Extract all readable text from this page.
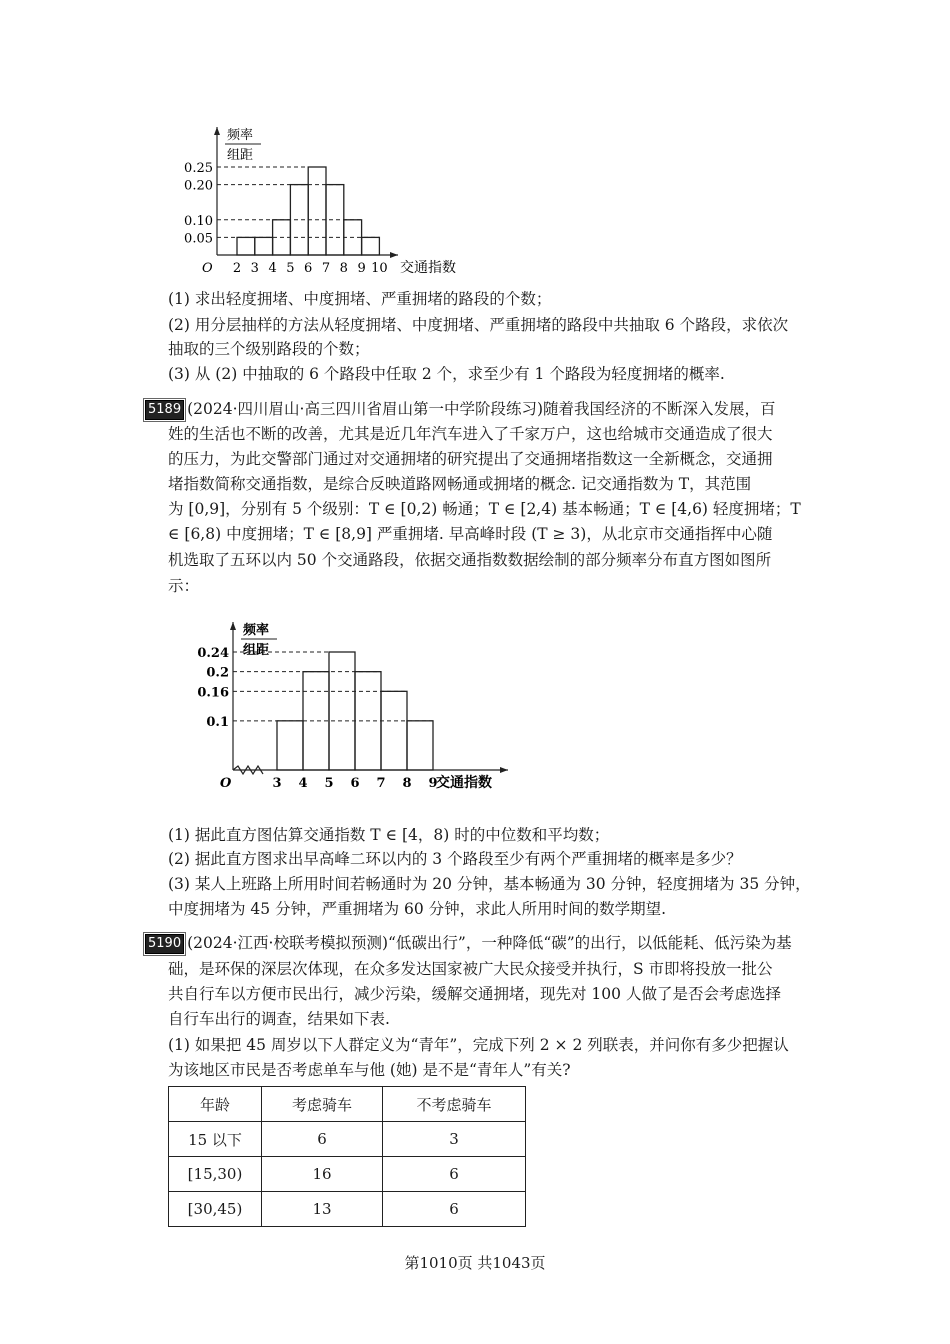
频率
组距
O
0.05
0.10
0.20
0.25
2 3 4 5 6 7 8 9 10 交通指数
(1) 求出轻度拥堵、中度拥堵、严重拥堵的路段的个数；
(2) 用分层抽样的方法从轻度拥堵、中度拥堵、严重拥堵的路段中共抽取 6 个路段，求依次
抽取的三个级别路段的个数；
(3) 从 (2) 中抽取的 6 个路段中任取 2 个，求至少有 1 个路段为轻度拥堵的概率.
5189 (2024·四川眉山·高三四川省眉山第一中学阶段练习)随着我国经济的不断深入发展，百
姓的生活也不断的改善，尤其是近几年汽车进入了千家万户，这也给城市交通造成了很大
的压力，为此交警部门通过对交通拥堵的研究提出了交通拥堵指数这一全新概念，交通拥
堵指数简称交通指数，是综合反映道路网畅通或拥堵的概念. 记交通指数为 T，其范围
为 [0,9]，分别有 5 个级别：T ∈ [0,2) 畅通；T ∈ [2,4) 基本畅通；T ∈ [4,6) 轻度拥堵；T
∈ [6,8) 中度拥堵；T ∈ [8,9] 严重拥堵. 早高峰时段 (T ≥ 3)，从北京市交通指挥中心随
机选取了五环以内 50 个交通路段，依据交通指数数据绘制的部分频率分布直方图如图所
示：
频率
组距
O
0.1
0.16
0.2
0.24
3 4 5 6 7 8 9
交通指数
(1) 据此直方图估算交通指数 T ∈ [4，8) 时的中位数和平均数；
(2) 据此直方图求出早高峰二环以内的 3 个路段至少有两个严重拥堵的概率是多少？
(3) 某人上班路上所用时间若畅通时为 20 分钟，基本畅通为 30 分钟，轻度拥堵为 35 分钟，
中度拥堵为 45 分钟，严重拥堵为 60 分钟，求此人所用时间的数学期望.
5190 (2024·江西·校联考模拟预测)“低碳出行”，一种降低“碳”的出行，以低能耗、低污染为基
础，是环保的深层次体现，在众多发达国家被广大民众接受并执行，S 市即将投放一批公
共自行车以方便市民出行，减少污染，缓解交通拥堵，现先对 100 人做了是否会考虑选择
自行车出行的调查，结果如下表.
(1) 如果把 45 周岁以下人群定义为“青年”，完成下列 2 × 2 列联表，并问你有多少把握认
为该地区市民是否考虑单车与他 (她) 是不是“青年人”有关?
年龄	考虑骑车	不考虑骑车
15 以下	6	3
[15,30)	16	6
[30,45)	13	6
第1010页 共1043页
